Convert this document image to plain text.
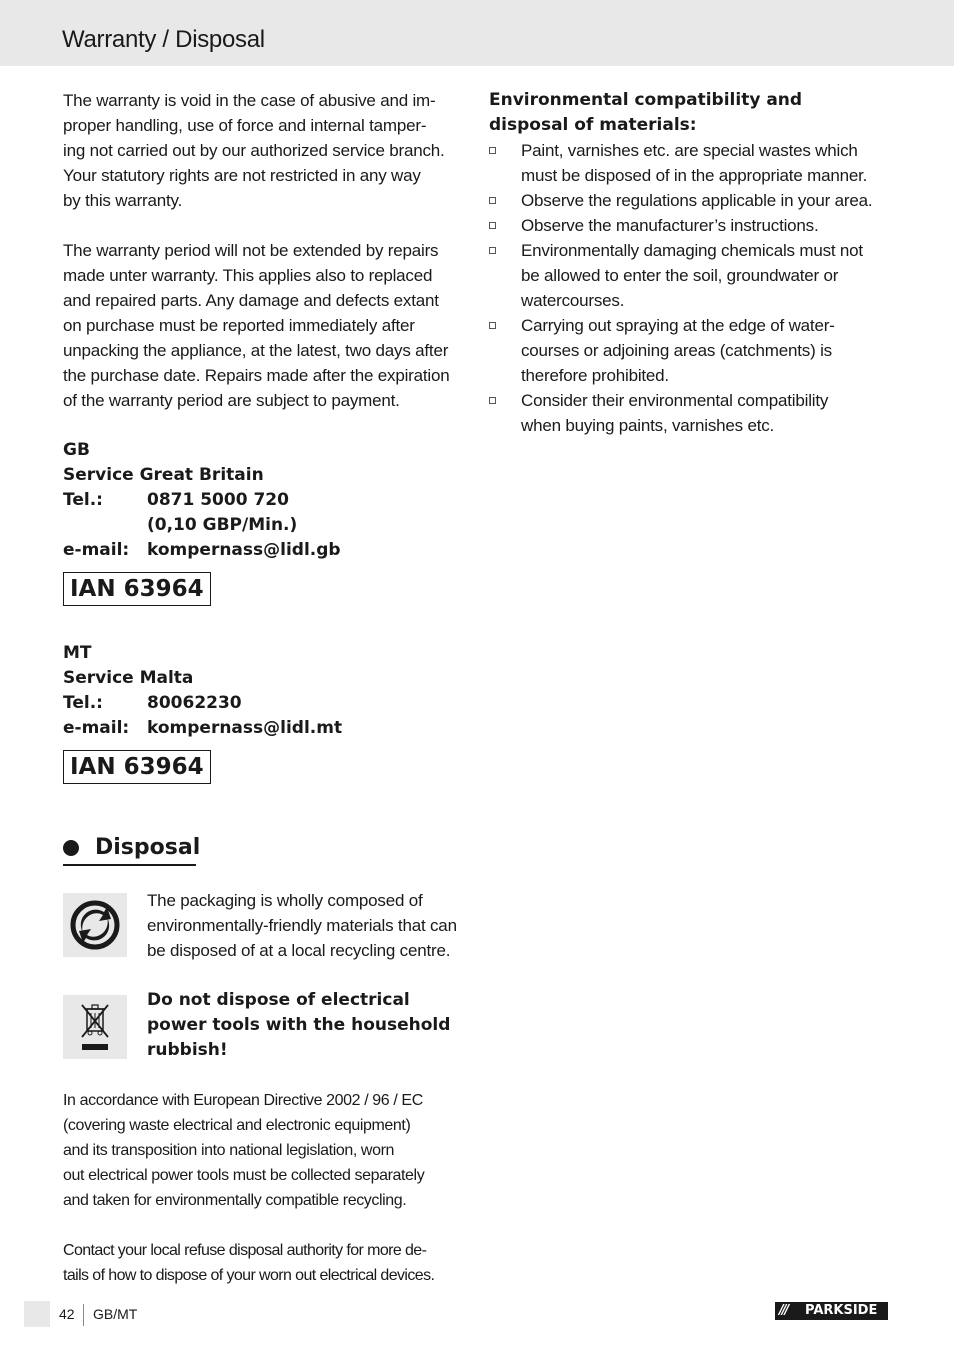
Warranty / Disposal

The warranty is void in the case of abusive and im-
proper handling, use of force and internal tamper-
ing not carried out by our authorized service branch.
Your statutory rights are not restricted in any way
by this warranty.

The warranty period will not be extended by repairs
made unter warranty. This applies also to replaced
and repaired parts. Any damage and defects extant
on purchase must be reported immediately after
unpacking the appliance, at the latest, two days after
the purchase date. Repairs made after the expiration
of the warranty period are subject to payment.

GB
Service Great Britain
Tel.:	0871 5000 720
(0,10 GBP/Min.)
e-mail:	kompernass@lidl.gb
IAN 63964
MT
Service Malta
Tel.:	80062230
e-mail:	kompernass@lidl.mt
IAN 63964
Disposal

The packaging is wholly composed of
environmentally-friendly materials that can
be disposed of at a local recycling centre.

Do not dispose of electrical
power tools with the household
rubbish!

In accordance with European Directive 2002 / 96 / EC
(covering waste electrical and electronic equipment)
and its transposition into national legislation, worn
out electrical power tools must be collected separately
and taken for environmentally compatible recycling.

Contact your local refuse disposal authority for more de-
tails of how to dispose of your worn out electrical devices.

Environmental compatibility and
disposal of materials:

Paint, varnishes etc. are special wastes which
must be disposed of in the appropriate manner.
Observe the regulations applicable in your area.
Observe the manufacturer’s instructions.
Environmentally damaging chemicals must not
be allowed to enter the soil, groundwater or
watercourses.
Carrying out spraying at the edge of water-
courses or adjoining areas (catchments) is
therefore prohibited.
Consider their environmental compatibility
when buying paints, varnishes etc.
42 GB/MT	/// PARKSIDE
